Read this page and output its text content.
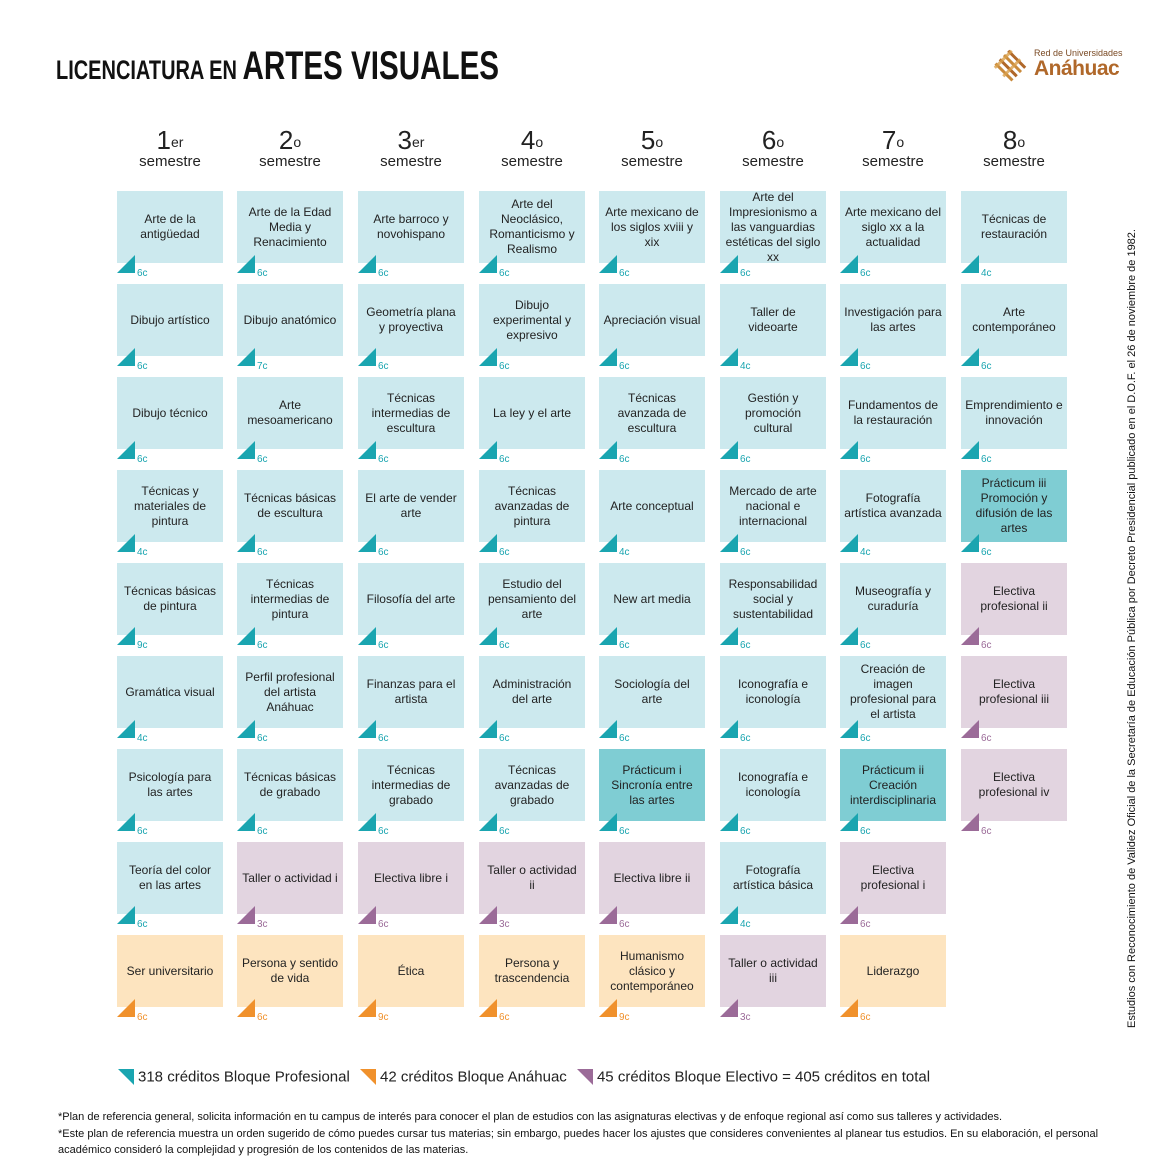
LICENCIATURA EN ARTES VISUALES	Red de Universidades
Anáhuac
1er
semestre
Arte de la antigüedad
6c
Dibujo artístico
6c
Dibujo técnico
6c
Técnicas y materiales de pintura
4c
Técnicas básicas de pintura
9c
Gramática visual
4c
Psicología para las artes
6c
Teoría del color en las artes
6c
Ser universitario
6c
2$^o$
semestre
Arte de la Edad Media y Renacimiento
6c
Dibujo anatómico
7c
Arte mesoamericano
6c
Técnicas básicas de escultura
6c
Técnicas intermedias de pintura
6c
Perfil profesional del artista Anáhuac
6c
Técnicas básicas de grabado
6c
Taller o actividad i
3c
Persona y sentido de vida
6c
3er
semestre
Arte barroco y novohispano
6c
Geometría plana y proyectiva
6c
Técnicas intermedias de escultura
6c
El arte de vender arte
6c
Filosofía del arte
6c
Finanzas para el artista
6c
Técnicas intermedias de grabado
6c
Electiva libre i
6c
Ética
9c
4$^o$
semestre
Arte del Neoclásico, Romanticismo y Realismo
6c
Dibujo experimental y expresivo
6c
La ley y el arte
6c
Técnicas avanzadas de pintura
6c
Estudio del pensamiento del arte
6c
Administración del arte
6c
Técnicas avanzadas de grabado
6c
Taller o actividad ii
3c
Persona y trascendencia
6c
5$^o$
semestre
Arte mexicano de los siglos xviii y xix
6c
Apreciación visual
6c
Técnicas avanzada de escultura
6c
Arte conceptual
4c
New art media
6c
Sociología del arte
6c
Prácticum i Sincronía entre las artes
6c
Electiva libre ii
6c
Humanismo clásico y contemporáneo
9c
6$^o$
semestre
Arte del Impresionismo a las vanguardias estéticas del siglo xx
6c
Taller de videoarte
4c
Gestión y promoción cultural
6c
Mercado de arte nacional e internacional
6c
Responsabilidad social y sustentabilidad
6c
Iconografía e iconología
6c
Iconografía e iconología
6c
Fotografía artística básica
4c
Taller o actividad iii
3c
7$^o$
semestre
Arte mexicano del siglo xx a la actualidad
6c
Investigación para las artes
6c
Fundamentos de la restauración
6c
Fotografía artística avanzada
4c
Museografía y curaduría
6c
Creación de imagen profesional para el artista
6c
Prácticum ii Creación interdisciplinaria
6c
Electiva profesional i
6c
Liderazgo
6c
8$^o$
semestre
Técnicas de restauración
4c
Arte contemporáneo
6c
Emprendimiento e innovación
6c
Prácticum iii Promoción y difusión de las artes
6c
Electiva profesional ii
6c
Electiva profesional iii
6c
Electiva profesional iv
6c
318 créditos Bloque Profesional 42 créditos Bloque Anáhuac 45 créditos Bloque Electivo = 405 créditos en total
*Plan de referencia general, solicita información en tu campus de interés para conocer el plan de estudios con las asignaturas electivas y de enfoque regional así como sus talleres y actividades.
*Este plan de referencia muestra un orden sugerido de cómo puedes cursar tus materias; sin embargo, puedes hacer los ajustes que consideres convenientes al planear tus estudios. En su elaboración, el personal académico consideró la complejidad y progresión de los contenidos de las materias.
Estudios con Reconocimiento de Validez Oficial de la Secretaría de Educación Pública por Decreto Presidencial publicado en el D.O.F. el 26 de noviembre de 1982.
